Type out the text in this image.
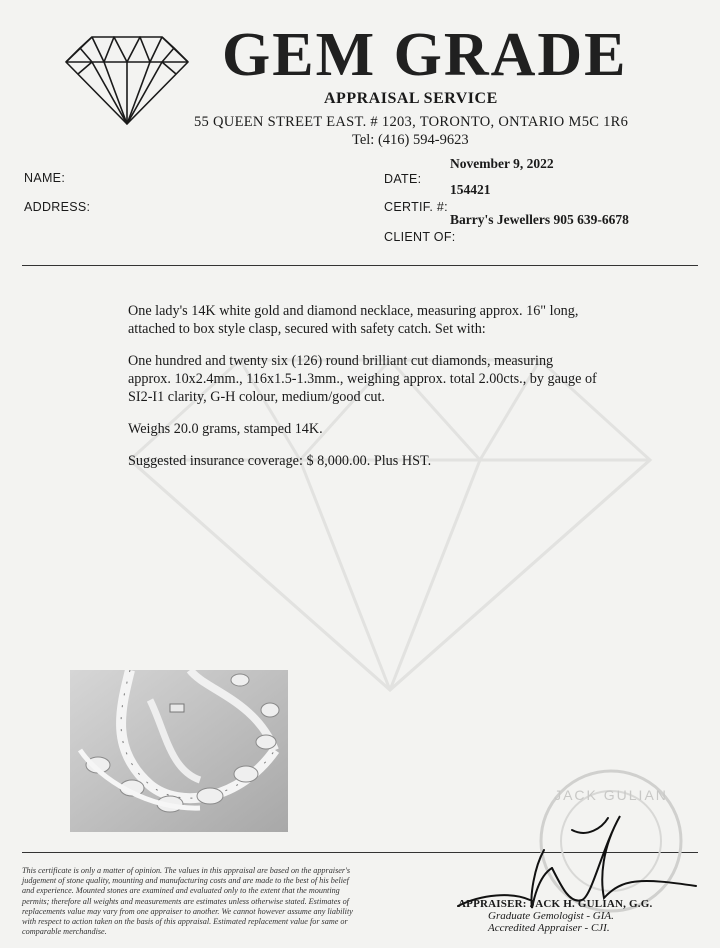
GEM GRADE
APPRAISAL SERVICE
55 QUEEN STREET EAST. # 1203, TORONTO, ONTARIO M5C 1R6
Tel: (416) 594-9623
NAME:
ADDRESS:
November 9, 2022
DATE:
154421
CERTIF. #:
Barry's Jewellers 905 639-6678
CLIENT OF:

One lady's 14K white gold and diamond necklace, measuring approx. 16" long, attached to box style clasp, secured with safety catch. Set with:

One hundred and twenty six (126) round brilliant cut diamonds, measuring approx. 10x2.4mm., 116x1.5-1.3mm., weighing approx. total 2.00cts., by gauge of SI2-I1 clarity, G-H colour, medium/good cut.

Weighs 20.0 grams, stamped 14K.

Suggested insurance coverage: $ 8,000.00. Plus HST.

This certificate is only a matter of opinion. The values in this appraisal are based on the appraiser's judgement of stone quality, mounting and manufacturing costs and are made to the best of his belief and experience. Mounted stones are examined and evaluated only to the extent that the mounting permits; therefore all weights and measurements are estimates unless otherwise stated. Estimates of replacements value may vary from one appraiser to another. We cannot however assume any liability with respect to action taken on the basis of this appraisal. Estimated replacement value for same or comparable merchandise.
JACK GULIAN
APPRAISER: JACK H. GULIAN, G.G.
Graduate Gemologist - GIA.
Accredited Appraiser - CJI.
